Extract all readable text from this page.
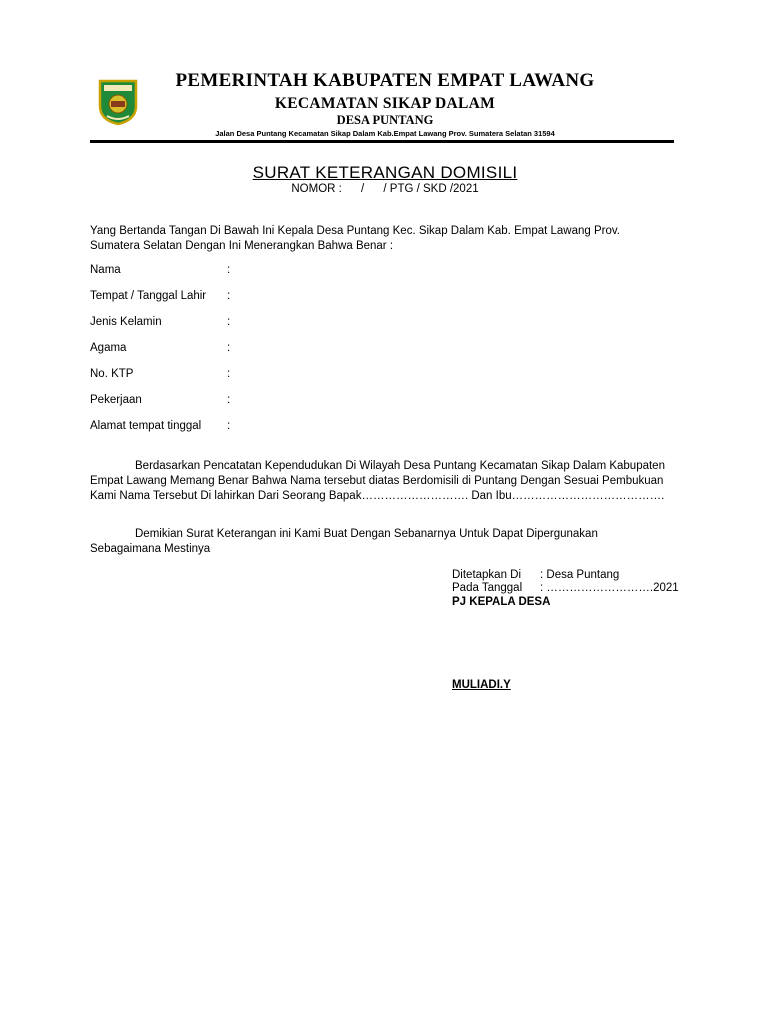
PEMERINTAH KABUPATEN EMPAT LAWANG
KECAMATAN SIKAP DALAM
DESA PUNTANG
Jalan Desa Puntang Kecamatan Sikap Dalam Kab.Empat Lawang Prov. Sumatera Selatan 31594
SURAT KETERANGAN DOMISILI
NOMOR :      /      / PTG / SKD /2021
Yang Bertanda Tangan Di Bawah Ini Kepala Desa Puntang Kec. Sikap Dalam Kab. Empat Lawang Prov. Sumatera Selatan Dengan Ini Menerangkan Bahwa Benar :
Nama	:
Tempat / Tanggal Lahir :
Jenis Kelamin	:
Agama	:
No. KTP	:
Pekerjaan	:
Alamat tempat tinggal :
Berdasarkan Pencatatan Kependudukan Di Wilayah Desa Puntang Kecamatan Sikap Dalam Kabupaten Empat Lawang Memang Benar Bahwa Nama tersebut diatas Berdomisili di Puntang Dengan Sesuai Pembukuan Kami Nama Tersebut Di lahirkan Dari Seorang Bapak………………………. Dan Ibu………………………………….
Demikian Surat Keterangan ini Kami Buat Dengan Sebanarnya Untuk Dapat Dipergunakan Sebagaimana Mestinya
Ditetapkan Di : Desa Puntang
Pada Tanggal : ……………………….2021
PJ KEPALA DESA
MULIADI.Y
